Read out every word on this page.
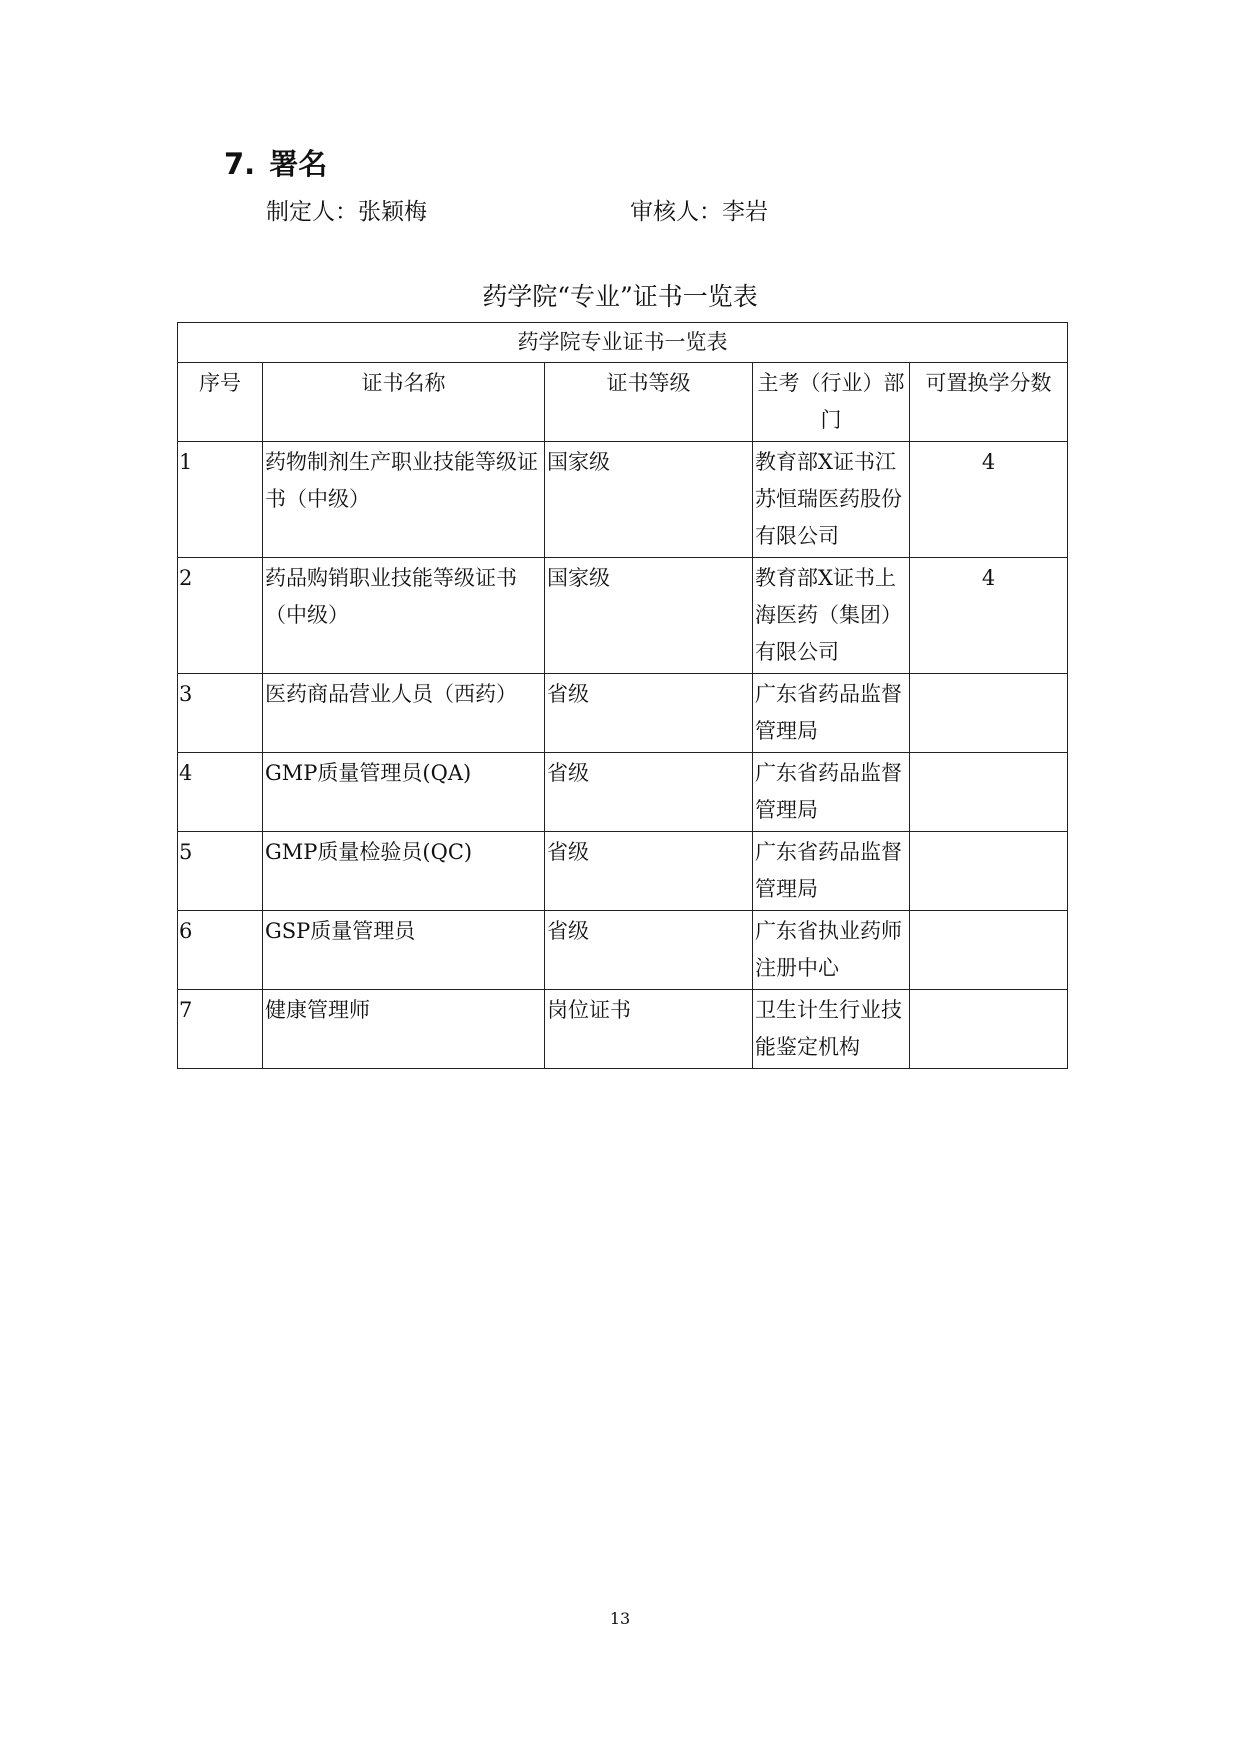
7. 署名
制定人：张颖梅	审核人：李岩
药学院“专业”证书一览表
药学院专业证书一览表				
序号	证书名称	证书等级	主考（行业）部门	可置换学分数
1	药物制剂生产职业技能等级证书（中级）	国家级	教育部X证书江苏恒瑞医药股份有限公司	4
2	药品购销职业技能等级证书（中级）	国家级	教育部X证书上海医药（集团）有限公司	4
3	医药商品营业人员（西药）	省级	广东省药品监督管理局	
4	GMP质量管理员(QA)	省级	广东省药品监督管理局	
5	GMP质量检验员(QC)	省级	广东省药品监督管理局	
6	GSP质量管理员	省级	广东省执业药师注册中心	
7	健康管理师	岗位证书	卫生计生行业技能鉴定机构	
13
